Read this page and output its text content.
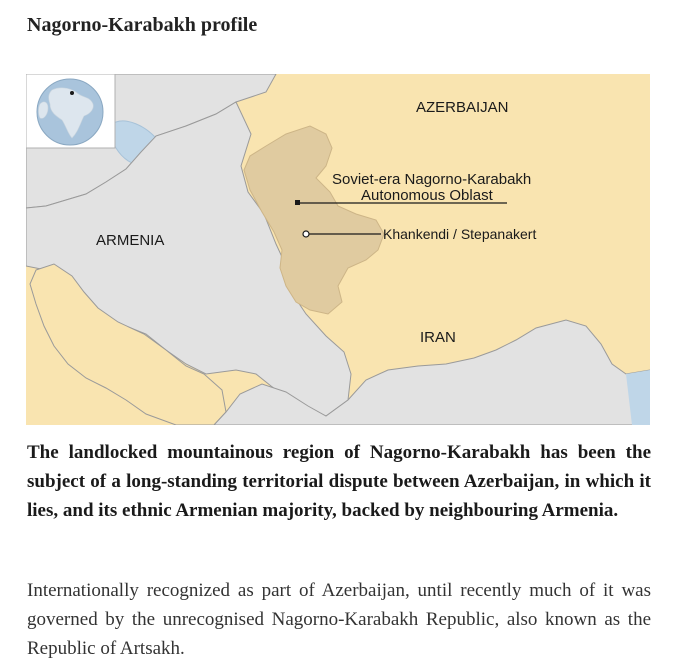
Nagorno-Karabakh profile
AZERBAIJAN
ARMENIA
IRAN
Soviet-era Nagorno-Karabakh
Autonomous Oblast
Khankendi / Stepanakert

The landlocked mountainous region of Nagorno-Karabakh has been the subject of a long-standing territorial dispute between Azerbaijan, in which it lies, and its ethnic Armenian majority, backed by neighbouring Armenia.

Internationally recognized as part of Azerbaijan, until recently much of it was governed by the unrecognised Nagorno-Karabakh Republic, also known as the Republic of Artsakh.
